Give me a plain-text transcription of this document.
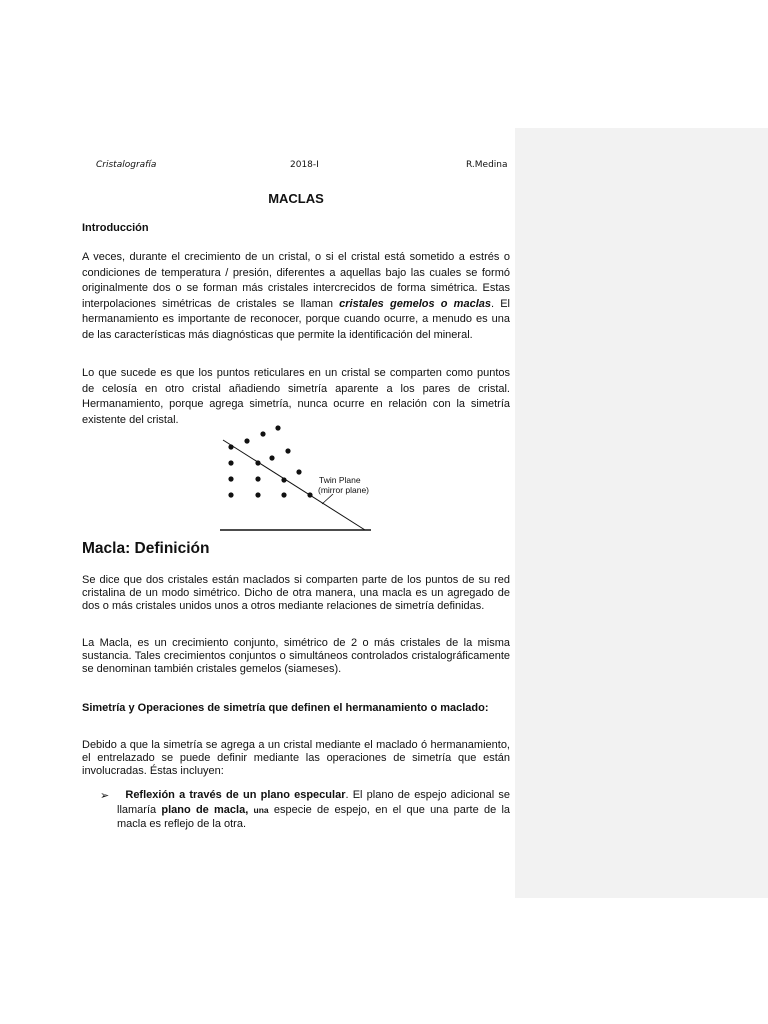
Cristalografía	2018-I	R.Medina
MACLAS
Introducción
A veces, durante el crecimiento de un cristal, o si el cristal está sometido a estrés o condiciones de temperatura / presión, diferentes a aquellas bajo las cuales se formó originalmente dos o se forman más cristales intercrecidos de forma simétrica. Estas interpolaciones simétricas de cristales se llaman cristales gemelos o maclas. El hermanamiento es importante de reconocer, porque cuando ocurre, a menudo es una de las características más diagnósticas que permite la identificación del mineral.
Lo que sucede es que los puntos reticulares en un cristal se comparten como puntos de celosía en otro cristal añadiendo simetría aparente a los pares de cristal. Hermanamiento, porque agrega simetría, nunca ocurre en relación con la simetría existente del cristal.
Twin Plane
(mirror plane)
Macla: Definición
Se dice que dos cristales están maclados si comparten parte de los puntos de su red cristalina de un modo simétrico. Dicho de otra manera, una macla es un agregado de dos o más cristales unidos unos a otros mediante relaciones de simetría definidas.
La Macla, es un crecimiento conjunto, simétrico de 2 o más cristales de la misma sustancia. Tales crecimientos conjuntos o simultáneos controlados cristalográficamente se denominan también cristales gemelos (siameses).
Simetría y Operaciones de simetría que definen el hermanamiento o maclado:
Debido a que la simetría se agrega a un cristal mediante el maclado ó hermanamiento, el entrelazado se puede definir mediante las operaciones de simetría que están involucradas. Éstas incluyen:
➢	Reflexión a través de un plano especular. El plano de espejo adicional se llamaría plano de macla, una especie de espejo, en el que una parte de la macla es reflejo de la otra.
